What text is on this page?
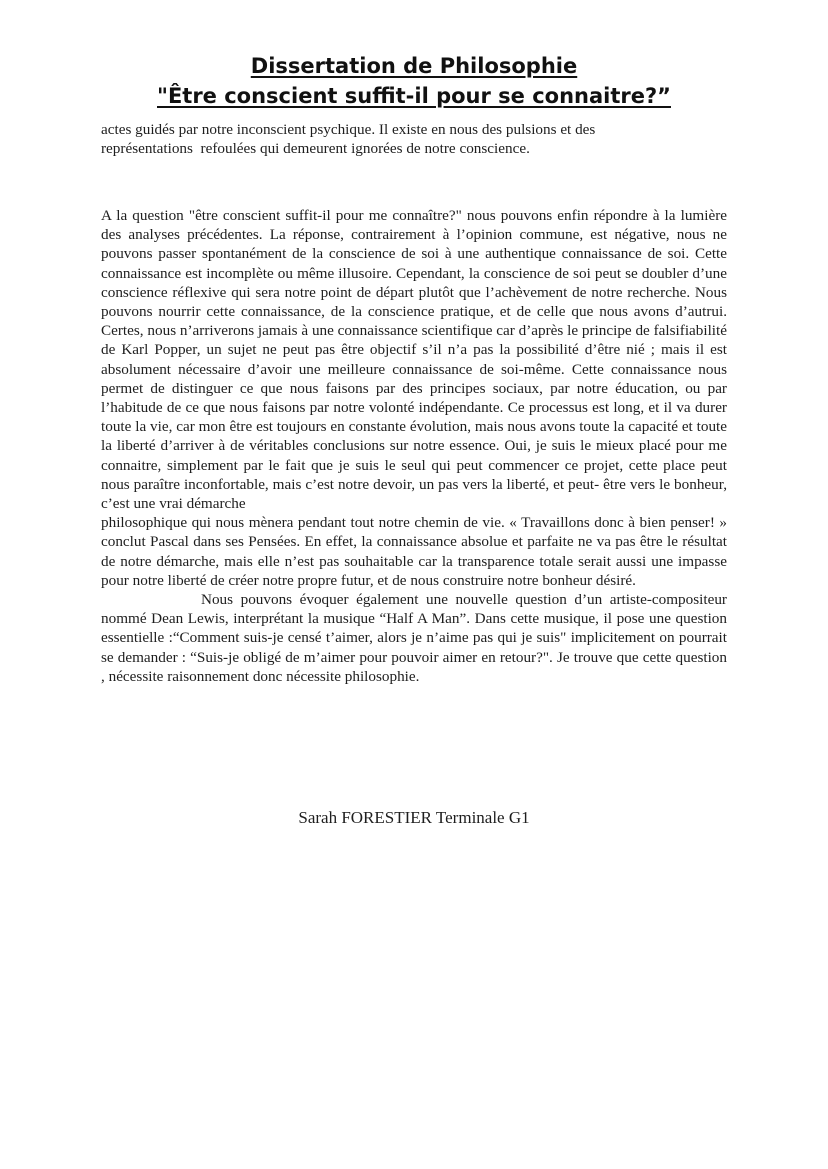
Dissertation de Philosophie
"Être conscient suffit-il pour se connaitre?”

actes guidés par notre inconscient psychique. Il existe en nous des pulsions et des

représentations  refoulées qui demeurent ignorées de notre conscience.

A la question "être conscient suffit-il pour me connaître?" nous pouvons enfin répondre à la lumière des analyses précédentes. La réponse, contrairement à l’opinion commune, est négative, nous ne pouvons passer spontanément de la conscience de soi à une authentique connaissance de soi. Cette connaissance est incomplète ou même illusoire. Cependant, la conscience de soi peut se doubler d’une conscience réflexive qui sera notre point de départ plutôt que l’achèvement de notre recherche. Nous pouvons nourrir cette connaissance, de la conscience pratique, et de celle que nous avons d’autrui. Certes, nous n’arriverons jamais à une connaissance scientifique car d’après le principe de falsifiabilité de Karl Popper, un sujet ne peut pas être objectif s’il n’a pas la possibilité d’être nié ; mais il est absolument nécessaire d’avoir une meilleure connaissance de soi-même. Cette connaissance nous permet de distinguer ce que nous faisons par des principes sociaux, par notre éducation, ou par l’habitude de ce que nous faisons par notre volonté indépendante. Ce processus est long, et il va durer toute la vie, car mon être est toujours en constante évolution, mais nous avons toute la capacité et toute la liberté d’arriver à de véritables conclusions sur notre essence. Oui, je suis le mieux placé pour me connaitre, simplement par le fait que je suis le seul qui peut commencer ce projet, cette place peut nous paraître inconfortable, mais c’est notre devoir, un pas vers la liberté, et peut- être vers le bonheur, c’est une vrai démarche

philosophique qui nous mènera pendant tout notre chemin de vie. « Travaillons donc à bien penser! » conclut Pascal dans ses Pensées. En effet, la connaissance absolue et parfaite ne va pas être le résultat de notre démarche, mais elle n’est pas souhaitable car la transparence totale serait aussi une impasse pour notre liberté de créer notre propre futur, et de nous construire notre bonheur désiré.

Nous pouvons évoquer également une nouvelle question d’un artiste-compositeur nommé Dean Lewis, interprétant la musique “Half A Man”. Dans cette musique, il pose une question essentielle :“Comment suis-je censé t’aimer, alors je n’aime pas qui je suis" implicitement on pourrait se demander : “Suis-je obligé de m’aimer pour pouvoir aimer en retour?". Je trouve que cette question , nécessite raisonnement donc nécessite philosophie.

Sarah FORESTIER Terminale G1
